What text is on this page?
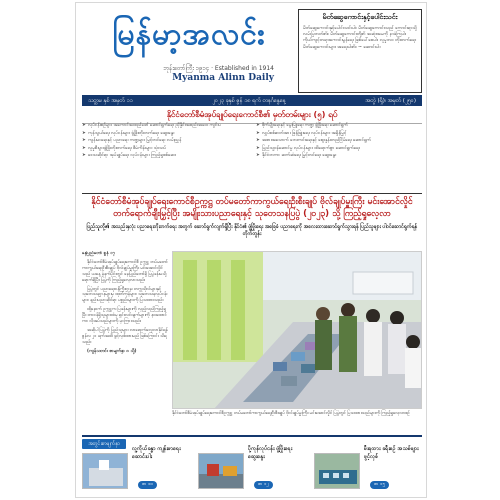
မြန်မာ့အလင်း
ဘုန်းတော်ကြီး ၁၉၁၄ · Established in 1914
Myanma Alinn Daily
မိတ်ဆွေကောင်းနှင့်ပေါင်းသင်း
မိတ်ဆွေကောင်းနှင့်ပေါင်းသင်းပါ။ မိတ်ဆွေကောင်းသည် ကောင်းရာသို့ လမ်းပြတတ်၏။ မိတ်ဆွေကောင်းတို့၏ အဆုံးအမကို နာခံကြပါ။ ကိုယ်ကျင့်တရားကောင်းမွန်ရေး ဖြစ်ပေါ်စေပါ။ လူမှုဘဝ တိုးတက်ရေး မိတ်ဆွေကောင်းများ အရေးပါ၏။ ~ ဆောင်းပါး
သတ္တမ နှစ် အမှတ် ၁၁	၂၀၂၃ ခုနှစ် ဇွန် ၁၈ ရက် တနင်္ဂနွေနေ့	အတွဲ (ရှိ)၊ အမှတ် (၂၅၀)
နိုင်ငံတော်စီမံအုပ်ချုပ်ရေးကောင်စီ၏ မှတ်တမ်းများ (၅) ရပ်
➤ လုပ်ငန်းစဉ်များ အကောင်အထည်ဖော် ဆောင်ရွက်ရေး ညှိနှိုင်းအစည်းအဝေး ကျင်းပ
➤ ကုန်သွယ်ရေး လုပ်ငန်းများ ဖွံ့ဖြိုးတိုးတက်ရေး ဆွေးနွေး
➤ ကျန်းမာရေးနှင့် ပညာရေး ကဏ္ဍများ မြှင့်တင်ရေး လမ်းညွှန်
➤ လူမှုစီးပွားဖွံ့ဖြိုးတိုးတက်ရေး စီမံကိန်းများ သုံးသပ်
➤ ဒေသဆိုင်ရာ အုပ်ချုပ်ရေး လုပ်ငန်းများ ကြည့်ရှုစစ်ဆေး
➤ စိုက်ပျိုးရေးနှင့် မွေးမြူရေး ကဏ္ဍ ဖွံ့ဖြိုးရေး ဆောင်ရွက်
➤ လျှပ်စစ်ဓာတ်အား ဖြန့်ဖြူးရေး လုပ်ငန်းများ အရှိန်မြှင့်
➤ အစားအသောက် ဘေးကင်းရေးနှင့် ဈေးနှုန်းတည်ငြိမ်ရေး ဆောင်ရွက်
➤ ပြည်သူ့ဝန်ဆောင်မှု လုပ်ငန်းများ ထိရောက်စွာ ဆောင်ရွက်ရေး
➤ နိုင်ငံတကာ ဆက်ဆံရေး မြှင့်တင်ရေး ဆွေးနွေး
နိုင်ငံတော်စီမံအုပ်ချုပ်ရေးကောင်စီဥက္ကဋ္ဌ တပ်မတော်ကာကွယ်ရေးဦးစီးချုပ် ဗိုလ်ချုပ်မှူးကြီး မင်းအောင်လှိုင် တက်ရောက်ချီးမြှင့်ပြီး အမျိုးသားပညာရေးနှင့် သုတေသနပြပွဲ (၂၀၂၃) သို့ ကြည့်ရှုလေ့လာ
ပြည်သူတို့၏ အသည်းနှလုံး ပညာရေးတိုးတက်ရေး အတွက် ဆောင်ရွက်လျက်ရှိပြီး နိုင်ငံ၏ ဖွံ့ဖြိုးရေး အခြေခံ ပညာရေးကို အလေးထားဆောင်ရွက်သွားရန် ပြည်သူများ ပါဝင်ဆောင်ရွက်ရန် တိုက်တွန်း

နေပြည်တော် ဇွန် ၁၇

နိုင်ငံတော်စီမံအုပ်ချုပ်ရေးကောင်စီ ဥက္ကဋ္ဌ တပ်မတော်ကာကွယ်ရေးဦးစီးချုပ် ဗိုလ်ချုပ်မှူးကြီး မင်းအောင်လှိုင်သည် ယနေ့ နံနက်ပိုင်းတွင် နေပြည်တော်ရှိ ပြပွဲခန်းမသို့ ရောက်ရှိပြီး ပြပွဲကို ကြည့်ရှုလေ့လာသည်။

ပြပွဲတွင် ပညာရေးဝန်ကြီးဌာန၊ တက္ကသိုလ်များနှင့် သုတေသနဌာနများမှ ထုတ်ကုန်များ၊ သုတေသနလုပ်ငန်းများ၊ နည်းပညာဆိုင်ရာ ပစ္စည်းများကို ပြသထားသည်။

ထို့နောက် ဥက္ကဋ္ဌက ပြခန်းများကို လှည့်လည်ကြည့်ရှုပြီး တာဝန်ရှိသူများထံမှ ရှင်းလင်းချက်များကို နားထောင်ကာ လိုအပ်သည်များကို မှာကြားသည်။

အဆိုပါ ပြပွဲကို ပြည်သူများ လာရောက်လေ့လာနိုင်ရန် ဇွန်လ ၂၀ ရက်အထိ ဖွင့်လှစ်ထားမည် ဖြစ်ကြောင်း သိရသည်။

(ကျန်သတင်း စာမျက်နှာ ၈ သို့)

နိုင်ငံတော်စီမံအုပ်ချုပ်ရေးကောင်စီဥက္ကဋ္ဌ တပ်မတော်ကာကွယ်ရေးဦးစီးချုပ် ဗိုလ်ချုပ်မှူးကြီး မင်းအောင်လှိုင် ပြပွဲတွင် ပြသထားသည်များကို ကြည့်ရှုလေ့လာစဉ်
အတွင်းစာမျက်နှာ
လူ့ကိုယ်ခန္ဓာ ကျန်းမာရေး ဆောင်းပါး
စာ ၁၀
ပို့ကုန်လုပ်ငန်း ဖွံ့ဖြိုးရေး ဆွေးနွေး
စာ ၁၂
မီးရထား ခရီးစဉ် အသစ်များ ဖွင့်လှစ်
စာ ၁၅
